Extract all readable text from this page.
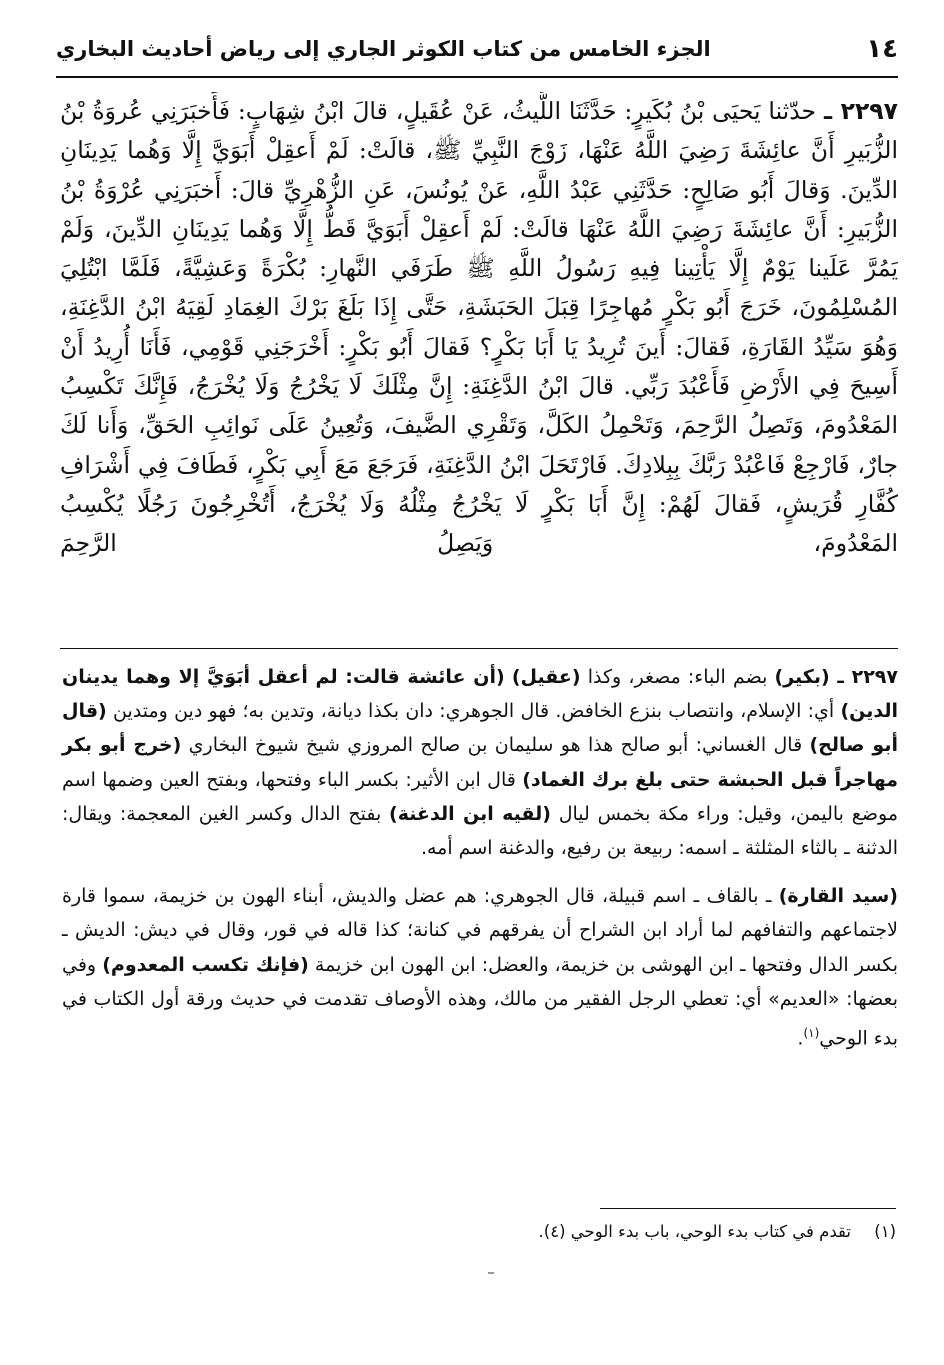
١٤
الجزء الخامس من كتاب الكوثر الجاري إلى رياض أحاديث البخاري
٢٢٩٧ ـ حدّثنا يَحيَى بْنُ بُكَيرٍ: حَدَّثَنَا اللَّيثُ، عَنْ عُقَيلٍ، قالَ ابْنُ شِهَابٍ: فَأَخبَرَنِي عُروَةُ بْنُ الزُّبَيرِ أَنَّ عائِشَةَ رَضِيَ اللَّهُ عَنْهَا، زَوْجَ النَّبِيِّ ﷺ، قالَتْ: لَمْ أَعقِلْ أَبَوَيَّ إِلَّا وَهُما يَدِينَانِ الدِّينَ. وَقالَ أَبُو صَالِحٍ: حَدَّثَنِي عَبْدُ اللَّهِ، عَنْ يُونُسَ، عَنِ الزُّهْرِيِّ قالَ: أَخبَرَنِي عُرْوَةُ بْنُ الزُّبَيرِ: أَنَّ عائِشَةَ رَضِيَ اللَّهُ عَنْهَا قالَتْ: لَمْ أَعقِلْ أَبَوَيَّ قَطُّ إِلَّا وَهُما يَدِينَانِ الدِّينَ، وَلَمْ يَمُرَّ عَلَينا يَوْمٌ إِلَّا يَأْتِينا فِيهِ رَسُولُ اللَّهِ ﷺ طَرَفَي النَّهارِ: بُكْرَةً وَعَشِيَّةً، فَلَمَّا ابْتُلِيَ المُسْلِمُونَ، خَرَجَ أَبُو بَكْرٍ مُهاجِرًا قِبَلَ الحَبَشَةِ، حَتَّى إِذَا بَلَغَ بَرْكَ الغِمَادِ لَقِيَهُ ابْنُ الدَّغِنَةِ، وَهُوَ سَيِّدُ القَارَةِ، فَقالَ: أَينَ تُرِيدُ يَا أَبَا بَكْرٍ؟ فَقالَ أَبُو بَكْرٍ: أَخْرَجَنِي قَوْمِي، فَأَنَا أُرِيدُ أَنْ أَسِيحَ فِي الأَرْضِ فَأَعْبُدَ رَبِّي. قالَ ابْنُ الدَّغِنَةِ: إِنَّ مِثْلَكَ لَا يَخْرُجُ وَلَا يُخْرَجُ، فَإِنَّكَ تَكْسِبُ المَعْدُومَ، وَتَصِلُ الرَّحِمَ، وَتَحْمِلُ الكَلَّ، وَتَقْرِي الضَّيفَ، وَتُعِينُ عَلَى نَوائِبِ الحَقِّ، وَأَنا لَكَ جارٌ، فَارْجِعْ فَاعْبُدْ رَبَّكَ بِبِلادِكَ. فَارْتَحَلَ ابْنُ الدَّغِنَةِ، فَرَجَعَ مَعَ أَبِي بَكْرٍ، فَطَافَ فِي أَشْرَافِ كُفَّارِ قُرَيشٍ، فَقالَ لَهُمْ: إِنَّ أَبَا بَكْرٍ لَا يَخْرُجُ مِثْلُهُ وَلَا يُخْرَجُ، أَتُخْرِجُونَ رَجُلًا يُكْسِبُ المَعْدُومَ، وَيَصِلُ الرَّحِمَ

٢٢٩٧ ـ (بكير) بضم الباء: مصغر، وكذا (عقيل) (أن عائشة قالت: لم أعقل أبَوَيَّ إلا وهما يدينان الدين) أي: الإسلام، وانتصاب بنزع الخافض. قال الجوهري: دان بكذا ديانة، وتدين به؛ فهو دين ومتدين (قال أبو صالح) قال الغساني: أبو صالح هذا هو سليمان بن صالح المروزي شيخ شيوخ البخاري (خرج أبو بكر مهاجراً قبل الحبشة حتى بلغ برك الغماد) قال ابن الأثير: بكسر الباء وفتحها، وبفتح العين وضمها اسم موضع باليمن، وقيل: وراء مكة بخمس ليال (لقيه ابن الدغنة) بفتح الدال وكسر الغين المعجمة: ويقال: الدثنة ـ بالثاء المثلثة ـ اسمه: ربيعة بن رفيع، والدغنة اسم أمه.

(سيد القارة) ـ بالقاف ـ اسم قبيلة، قال الجوهري: هم عضل والديش، أبناء الهون بن خزيمة، سموا قارة لاجتماعهم والتفافهم لما أراد ابن الشراح أن يفرقهم في كنانة؛ كذا قاله في قور، وقال في ديش: الديش ـ بكسر الدال وفتحها ـ ابن الهوشى بن خزيمة، والعضل: ابن الهون ابن خزيمة (فإنك تكسب المعدوم) وفي بعضها: «العديم» أي: تعطي الرجل الفقير من مالك، وهذه الأوصاف تقدمت في حديث ورقة أول الكتاب في بدء الوحي$^{(١)}$.

(١) تقدم في كتاب بدء الوحي، باب بدء الوحي (٤).
